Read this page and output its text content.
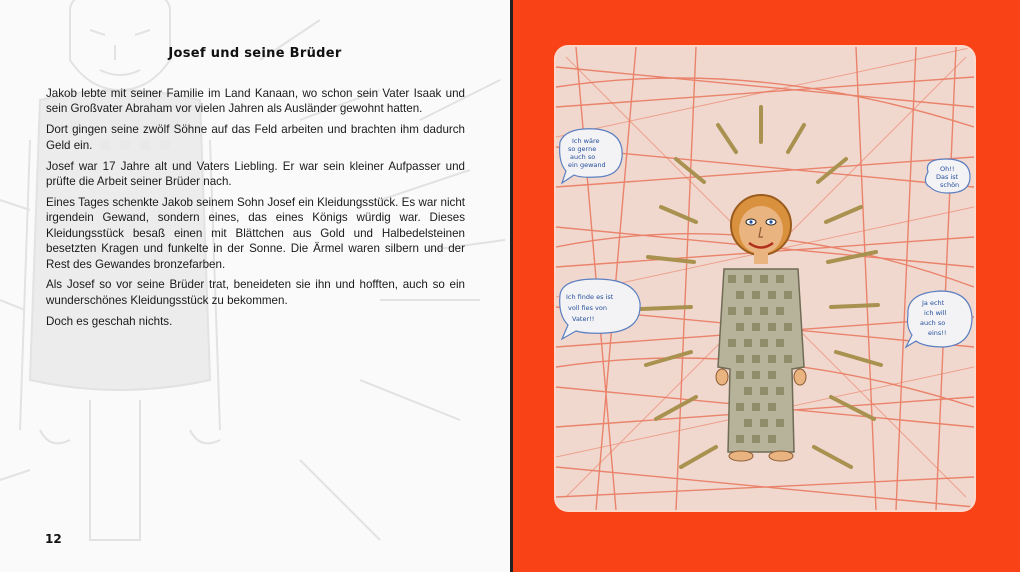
Josef und seine Brüder

Jakob lebte mit seiner Familie im Land Kanaan, wo schon sein Vater Isaak und sein Großvater Abraham vor vielen Jahren als Ausländer gewohnt hatten.

Dort gingen seine zwölf Söhne auf das Feld arbeiten und brachten ihm dadurch Geld ein.

Josef war 17 Jahre alt und Vaters Liebling. Er war sein kleiner Aufpasser und prüfte die Arbeit seiner Brüder nach.

Eines Tages schenkte Jakob seinem Sohn Josef ein Kleidungsstück. Es war nicht irgendein Gewand, sondern eines, das eines Königs würdig war. Dieses Kleidungsstück besaß einen mit Blättchen aus Gold und Halbedelsteinen besetzten Kragen und funkelte in der Sonne. Die Ärmel waren silbern und der Rest des Gewandes bronzefarben.

Als Josef so vor seine Brüder trat, beneideten sie ihn und hofften, auch so ein wunderschönes Kleidungsstück zu bekommen.

Doch es geschah nichts.

12
Ich wäre so gerne auch so ein gewand	Oh!! Das ist schön
Ich finde es ist voll fies von Vater!!
Ja echt ich will auch so eins!!
